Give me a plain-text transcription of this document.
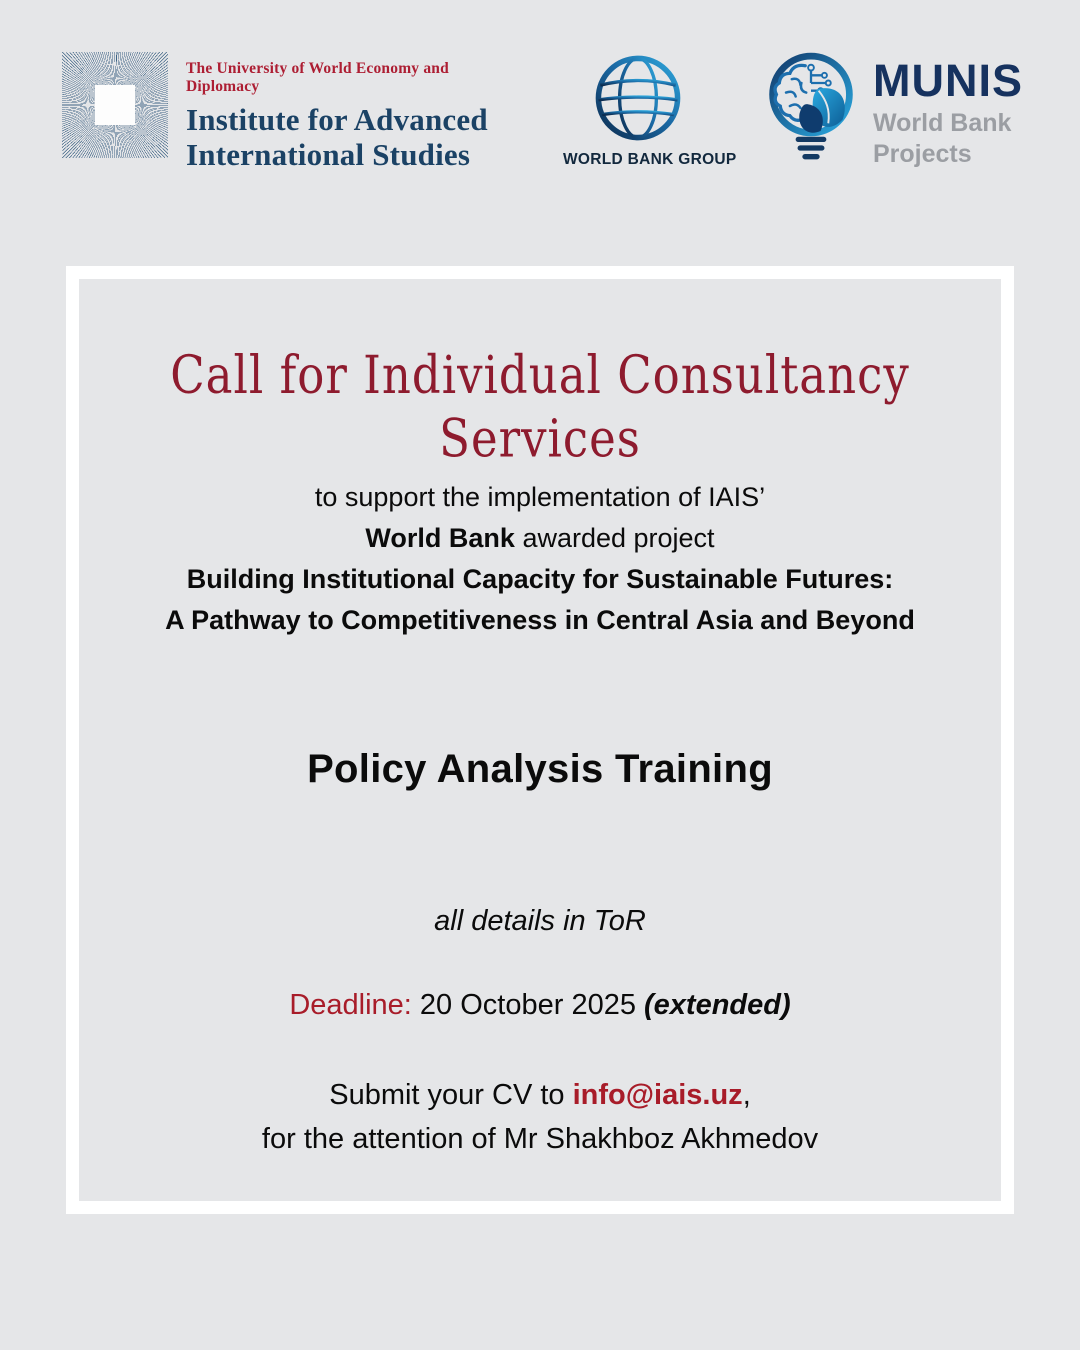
The University of World Economy and Diplomacy
Institute for Advanced
International Studies	WORLD BANK GROUP
MUNIS
World Bank
Projects
Call for Individual Consultancy
Services
to support the implementation of IAIS’
World Bank awarded project
Building Institutional Capacity for Sustainable Futures:
A Pathway to Competitiveness in Central Asia and Beyond
Policy Analysis Training
all details in ToR
Deadline: 20 October 2025 (extended)
Submit your CV to info@iais.uz,
for the attention of Mr Shakhboz Akhmedov
